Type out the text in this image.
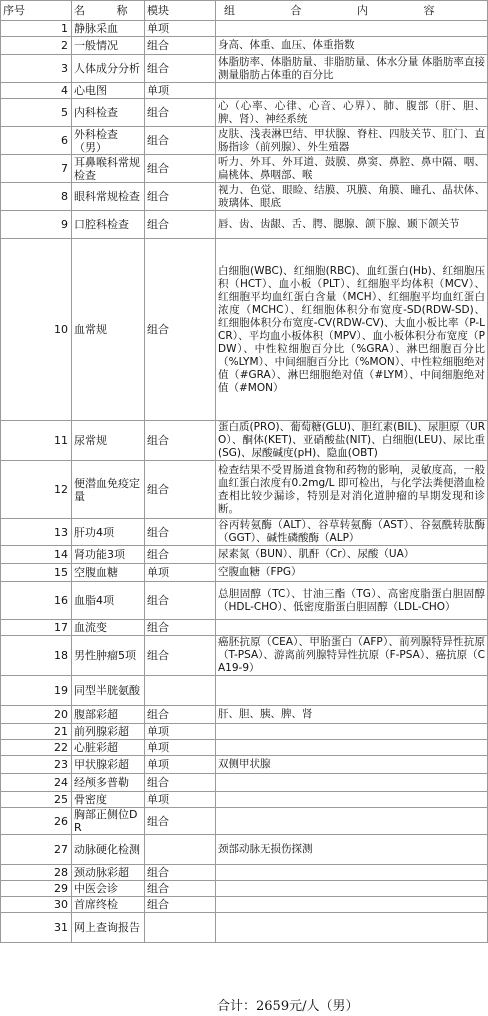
序号	名 称	模块	组 合 内 容
1	静脉采血	单项	
2	一般情况	组合	身高、体重、血压、体重指数
3	人体成分分析	组合	体脂肪率、体脂肪量、非脂肪量、体水分量 体脂肪率直接测量脂肪占体重的百分比
4	心电图	单项	
5	内科检查	组合	心（心率、心律、心音、心界）、肺、腹部（肝、胆、脾、肾）、神经系统
6	外科检查（男）	组合	皮肤、浅表淋巴结、甲状腺、脊柱、四肢关节、肛门、直肠指诊（前列腺）、外生殖器
7	耳鼻喉科常规检查	组合	听力、外耳、外耳道、鼓膜、鼻窦、鼻腔、鼻中隔、咽、扁桃体、鼻咽部、喉
8	眼科常规检查	组合	视力、色觉、眼睑、结膜、巩膜、角膜、瞳孔、晶状体、玻璃体、眼底
9	口腔科检查	组合	唇、齿、齿龈、舌、腭、腮腺、颌下腺、颞下颌关节
10	血常规	组合	白细胞(WBC)、红细胞(RBC)、血红蛋白(Hb)、红细胞压积（HCT）、血小板（PLT）、红细胞平均体积（MCV）、红细胞平均血红蛋白含量（MCH）、红细胞平均血红蛋白浓度（MCHC）、红细胞体积分布宽度-SD(RDW-SD)、 红细胞体积分布宽度-CV(RDW-CV)、大血小板比率（P-LCR）、平均血小板体积（MPV）、血小板体积分布宽度（PDW）、中性粒细胞百分比（%GRA）、淋巴细胞百分比（%LYM）、中间细胞百分比（%MON）、中性粒细胞绝对值（#GRA）、淋巴细胞绝对值（#LYM）、中间细胞绝对值（#MON）
11	尿常规	组合	蛋白质(PRO)、葡萄糖(GLU)、胆红素(BIL)、尿胆原（URO）、酮体(KET)、亚硝酸盐(NIT)、白细胞(LEU)、尿比重(SG)、尿酸碱度(pH)、隐血(OBT)
12	便潜血免疫定量	组合	检查结果不受胃肠道食物和药物的影响，灵敏度高，一般血红蛋白浓度有0.2mg/L 即可检出，与化学法粪便潜血检查相比较少漏诊，特别是对消化道肿瘤的早期发现和诊断。
13	肝功4项	组合	谷丙转氨酶（ALT）、谷草转氨酶（AST）、谷氨酰转肽酶（GGT）、碱性磷酸酶（ALP）
14	肾功能3项	组合	尿素氮（BUN）、肌酐（Cr）、尿酸（UA）
15	空腹血糖	单项	空腹血糖（FPG）
16	血脂4项	组合	总胆固醇（TC）、甘油三酯（TG）、高密度脂蛋白胆固醇（HDL-CHO）、低密度脂蛋白胆固醇（LDL-CHO）
17	血流变	组合	
18	男性肿瘤5项	组合	癌胚抗原（CEA）、甲胎蛋白（AFP）、前列腺特异性抗原（T-PSA）、游离前列腺特异性抗原（F-PSA）、癌抗原（CA19-9）
19	同型半胱氨酸		
20	腹部彩超	组合	肝、胆、胰、脾、肾
21	前列腺彩超	单项	
22	心脏彩超	单项	
23	甲状腺彩超	单项	双侧甲状腺
24	经颅多普勒	组合	
25	骨密度	单项	
26	胸部正侧位DR	组合	
27	动脉硬化检测		颈部动脉无损伤探测
28	颈动脉彩超	组合	
29	中医会诊	组合	
30	首席终检	组合	
31	网上查询报告		
合计：2659元/人（男）
